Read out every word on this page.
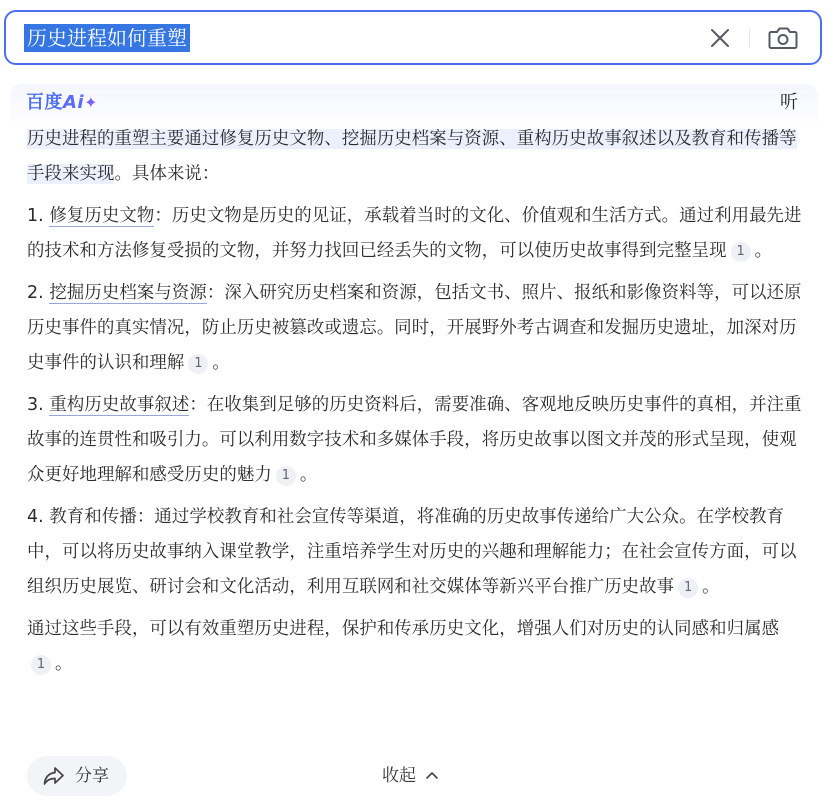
历史进程如何重塑
百度Ai✦	听
历史进程的重塑主要通过修复历史文物、挖掘历史档案与资源、重构历史故事叙述以及教育和传播等手段来实现。具体来说：
1. 修复历史文物：历史文物是历史的见证，承载着当时的文化、价值观和生活方式。通过利用最先进的技术和方法修复受损的文物，并努力找回已经丢失的文物，可以使历史故事得到完整呈现 1 。
2. 挖掘历史档案与资源：深入研究历史档案和资源，包括文书、照片、报纸和影像资料等，可以还原历史事件的真实情况，防止历史被篡改或遗忘。同时，开展野外考古调查和发掘历史遗址，加深对历史事件的认识和理解 1 。
3. 重构历史故事叙述：在收集到足够的历史资料后，需要准确、客观地反映历史事件的真相，并注重故事的连贯性和吸引力。可以利用数字技术和多媒体手段，将历史故事以图文并茂的形式呈现，使观众更好地理解和感受历史的魅力 1 。
4. 教育和传播：通过学校教育和社会宣传等渠道，将准确的历史故事传递给广大公众。在学校教育中，可以将历史故事纳入课堂教学，注重培养学生对历史的兴趣和理解能力；在社会宣传方面，可以组织历史展览、研讨会和文化活动，利用互联网和社交媒体等新兴平台推广历史故事 1 。
通过这些手段，可以有效重塑历史进程，保护和传承历史文化，增强人们对历史的认同感和归属感1 。
分享	收起
